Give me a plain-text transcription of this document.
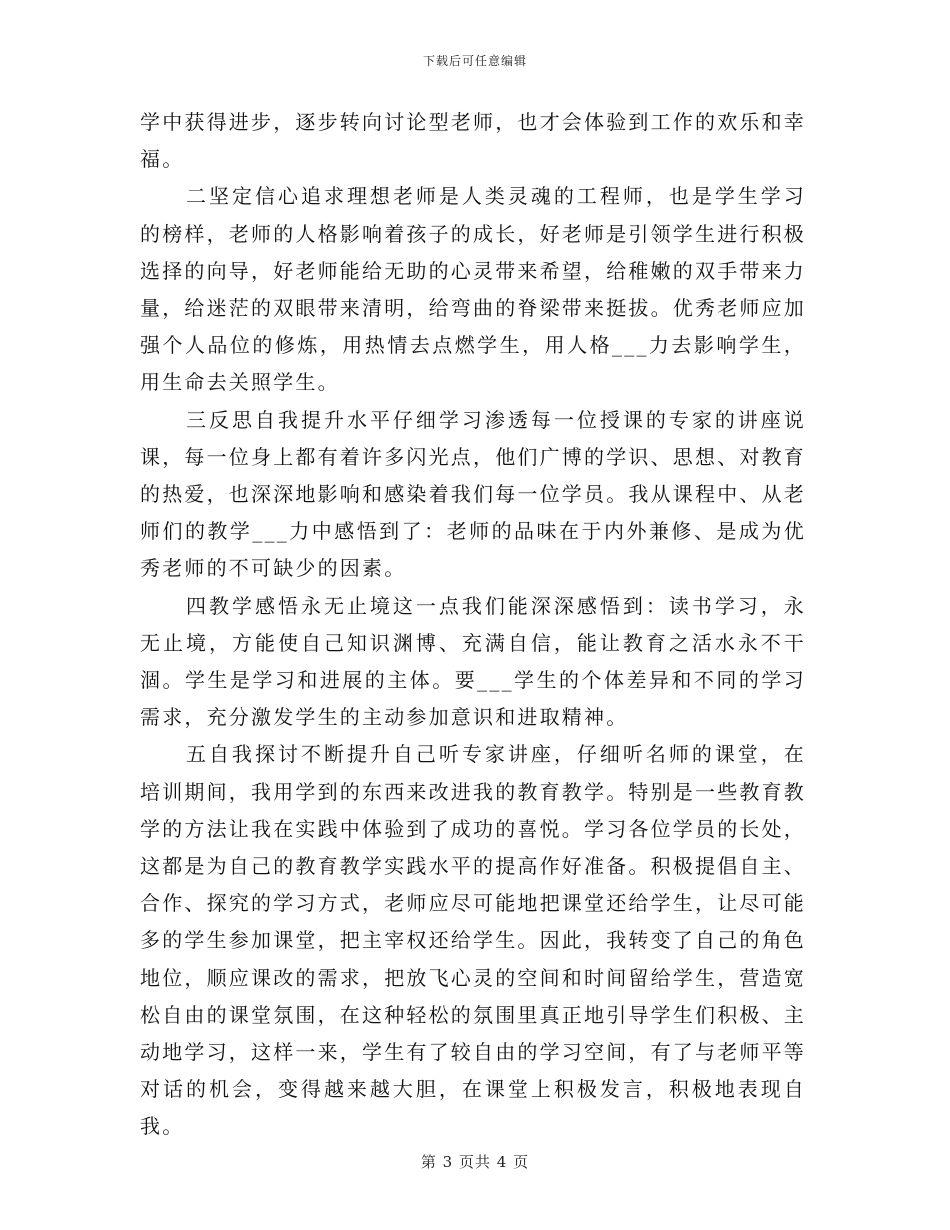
下载后可任意编辑

学中获得进步，逐步转向讨论型老师，也才会体验到工作的欢乐和幸福。

二坚定信心追求理想老师是人类灵魂的工程师，也是学生学习的榜样，老师的人格影响着孩子的成长，好老师是引领学生进行积极选择的向导，好老师能给无助的心灵带来希望，给稚嫩的双手带来力量，给迷茫的双眼带来清明，给弯曲的脊梁带来挺拔。优秀老师应加强个人品位的修炼，用热情去点燃学生，用人格___力去影响学生，用生命去关照学生。

三反思自我提升水平仔细学习渗透每一位授课的专家的讲座说课，每一位身上都有着许多闪光点，他们广博的学识、思想、对教育的热爱，也深深地影响和感染着我们每一位学员。我从课程中、从老师们的教学___力中感悟到了：老师的品味在于内外兼修、是成为优秀老师的不可缺少的因素。

四教学感悟永无止境这一点我们能深深感悟到：读书学习，永无止境，方能使自己知识渊博、充满自信，能让教育之活水永不干涸。学生是学习和进展的主体。要___学生的个体差异和不同的学习需求，充分激发学生的主动参加意识和进取精神。

五自我探讨不断提升自己听专家讲座，仔细听名师的课堂，在培训期间，我用学到的东西来改进我的教育教学。特别是一些教育教学的方法让我在实践中体验到了成功的喜悦。学习各位学员的长处，这都是为自己的教育教学实践水平的提高作好准备。积极提倡自主、合作、探究的学习方式，老师应尽可能地把课堂还给学生，让尽可能多的学生参加课堂，把主宰权还给学生。因此，我转变了自己的角色地位，顺应课改的需求，把放飞心灵的空间和时间留给学生，营造宽松自由的课堂氛围，在这种轻松的氛围里真正地引导学生们积极、主动地学习，这样一来，学生有了较自由的学习空间，有了与老师平等对话的机会，变得越来越大胆，在课堂上积极发言，积极地表现自我。

第 3 页共 4 页
